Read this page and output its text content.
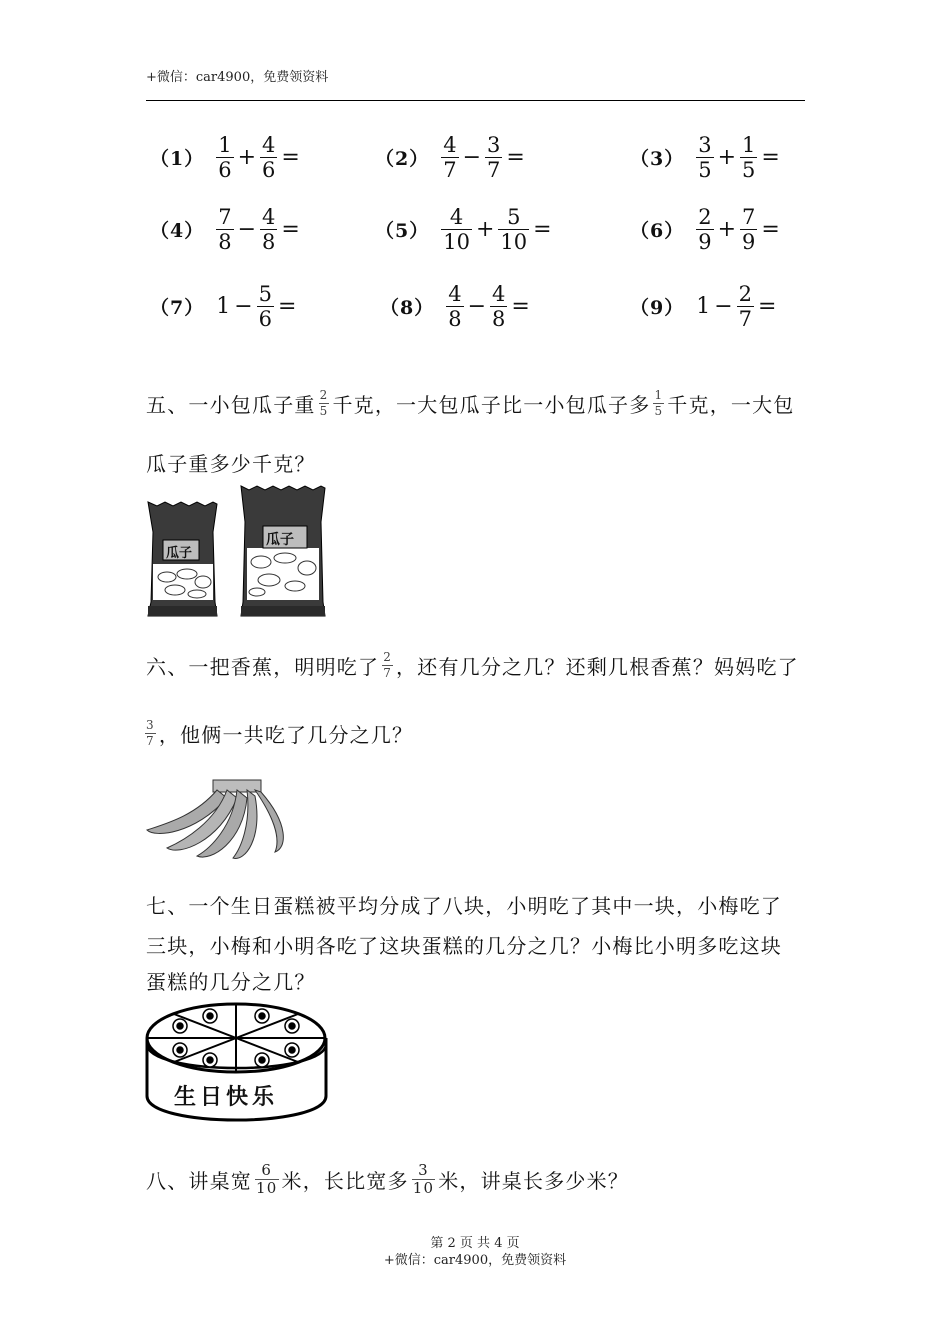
+微信：car4900，免费领资料
$(1) \frac{1}{6} + \frac{4}{6}$ =	$(2) \frac{4}{7} - \frac{3}{7}$ =	$(3) \frac{3}{5} + \frac{1}{5}$ =
$(4) \frac{7}{8} - \frac{4}{8}$ =	$(5) \frac{4}{10} + \frac{5}{10}$ =	$(6) \frac{2}{9} + \frac{7}{9}$ =
（7） $1 - \frac{5}{6}$ =	$(8) \frac{4}{8} - \frac{4}{8}$ =	（9） $1 - \frac{2}{7}$ =
五、一小包瓜子重 2
5 千克，一大包瓜子比一小包瓜子多 1
5 千克，一大包
瓜子重多少千克？
瓜子
瓜子
六、一把香蕉，明明吃了 2
7 ，还有几分之几？还剩几根香蕉？妈妈吃了
3
7 ，他俩一共吃了几分之几？
七、一个生日蛋糕被平均分成了八块，小明吃了其中一块，小梅吃了
三块，小梅和小明各吃了这块蛋糕的几分之几？小梅比小明多吃这块
蛋糕的几分之几？
生日快乐
八、讲桌宽 6
10 米，长比宽多 3
10 米，讲桌长多少米？
第 2 页 共 4 页
+微信：car4900，免费领资料
